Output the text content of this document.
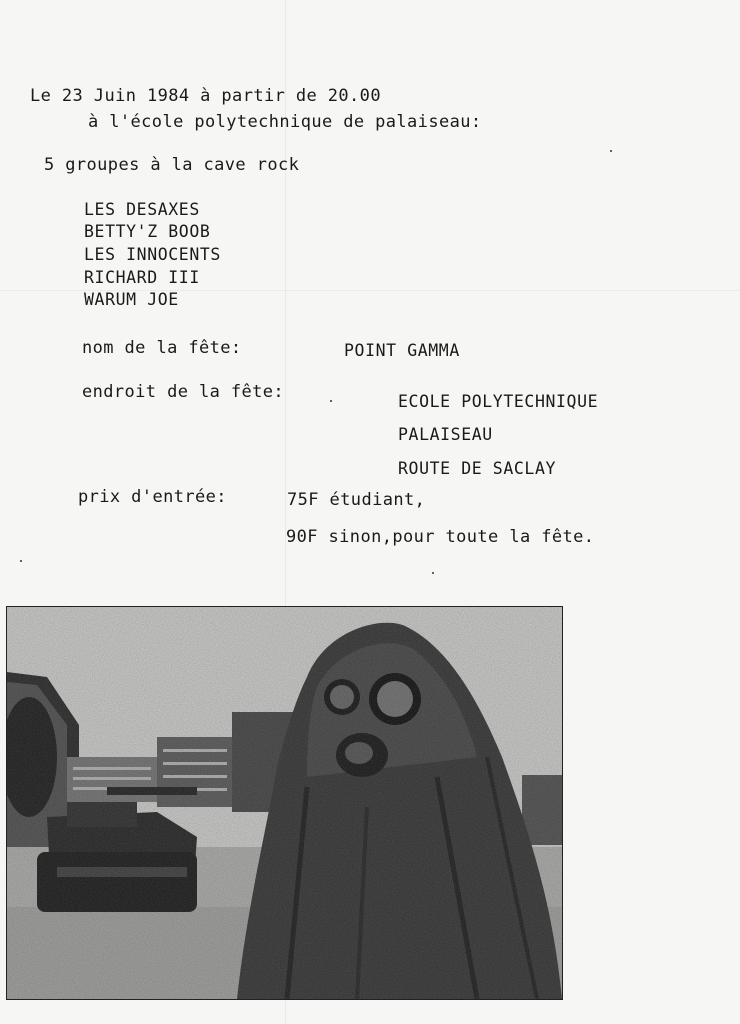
Le 23 Juin 1984 à partir de 20.00
à l'école polytechnique de palaiseau:
5 groupes à la cave rock
LES DESAXES
BETTY'Z BOOB
LES INNOCENTS
RICHARD III
WARUM JOE
nom de la fête:	POINT GAMMA
endroit de la fête:	ECOLE POLYTECHNIQUE
PALAISEAU
ROUTE DE SACLAY
prix d'entrée:	75F étudiant,
90F sinon,pour toute la fête.
